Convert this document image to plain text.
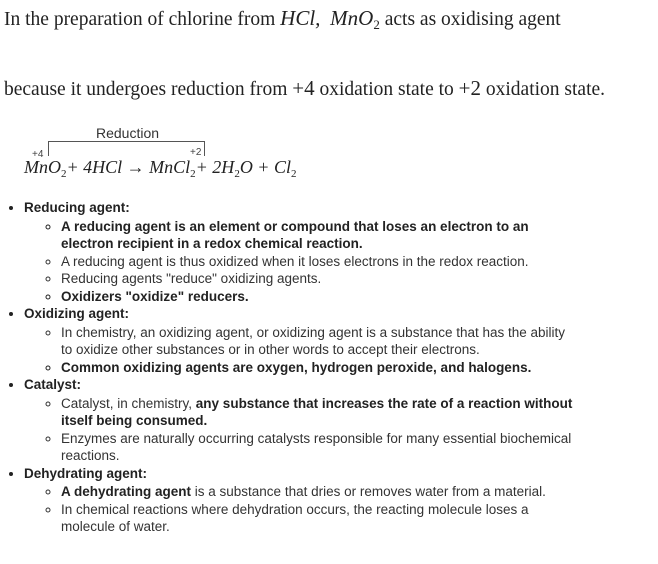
In the preparation of chlorine from HCl, MnO$_2$ acts as oxidising agent
because it undergoes reduction from +4 oxidation state to +2 oxidation state.
Reduction
+4	+2
MnO$_2$+ 4HCl → MnCl$_2$+ $2H_2O + Cl_2$
• Reducing agent:
◦ A reducing agent is an element or compound that loses an electron to an electron recipient in a redox chemical reaction.
◦ A reducing agent is thus oxidized when it loses electrons in the redox reaction.
◦ Reducing agents "reduce" oxidizing agents.
◦ Oxidizers "oxidize" reducers.
• Oxidizing agent:
◦ In chemistry, an oxidizing agent, or oxidizing agent is a substance that has the ability to oxidize other substances or in other words to accept their electrons.
◦ Common oxidizing agents are oxygen, hydrogen peroxide, and halogens.
• Catalyst:
◦ Catalyst, in chemistry, any substance that increases the rate of a reaction without itself being consumed.
◦ Enzymes are naturally occurring catalysts responsible for many essential biochemical reactions.
• Dehydrating agent:
◦ A dehydrating agent is a substance that dries or removes water from a material.
◦ In chemical reactions where dehydration occurs, the reacting molecule loses a molecule of water.
